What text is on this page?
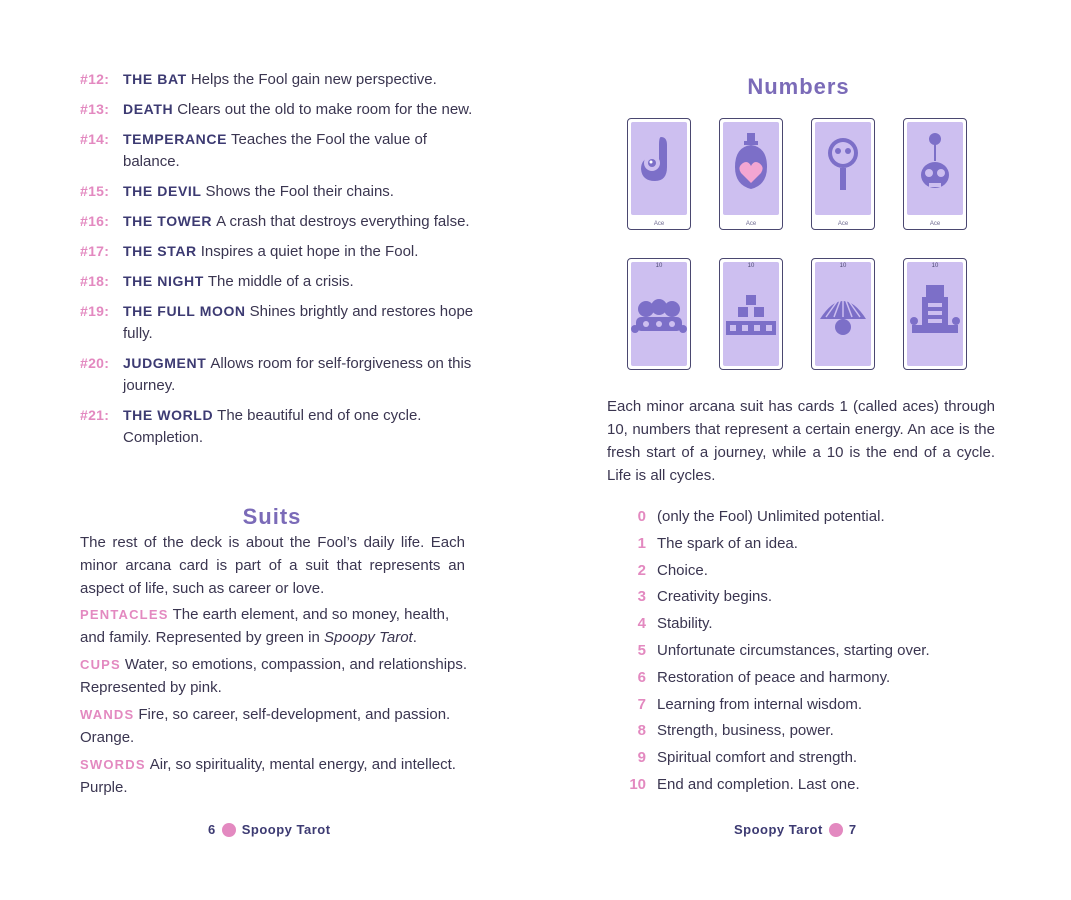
#12: THE BAT Helps the Fool gain new perspective.
#13: DEATH Clears out the old to make room for the new.
#14: TEMPERANCE Teaches the Fool the value of balance.
#15: THE DEVIL Shows the Fool their chains.
#16: THE TOWER A crash that destroys everything false.
#17: THE STAR Inspires a quiet hope in the Fool.
#18: THE NIGHT The middle of a crisis.
#19: THE FULL MOON Shines brightly and restores hope fully.
#20: JUDGMENT Allows room for self-forgiveness on this journey.
#21: THE WORLD The beautiful end of one cycle. Completion.
Suits
The rest of the deck is about the Fool’s daily life. Each minor arcana card is part of a suit that represents an aspect of life, such as career or love.
PENTACLES The earth element, and so money, health, and family. Represented by green in Spoopy Tarot.
CUPS Water, so emotions, compassion, and relationships. Represented by pink.
WANDS Fire, so career, self-development, and passion. Orange.
SWORDS Air, so spirituality, mental energy, and intellect. Purple.
6 Spoopy Tarot
Numbers
Ace	Ace	Ace	Ace
10	10	10	10
Each minor arcana suit has cards 1 (called aces) through 10, numbers that represent a certain energy. An ace is the fresh start of a journey, while a 10 is the end of a cycle. Life is all cycles.
0 (only the Fool) Unlimited potential.
1 The spark of an idea.
2 Choice.
3 Creativity begins.
4 Stability.
5 Unfortunate circumstances, starting over.
6 Restoration of peace and harmony.
7 Learning from internal wisdom.
8 Strength, business, power.
9 Spiritual comfort and strength.
10 End and completion. Last one.
Spoopy Tarot 7
